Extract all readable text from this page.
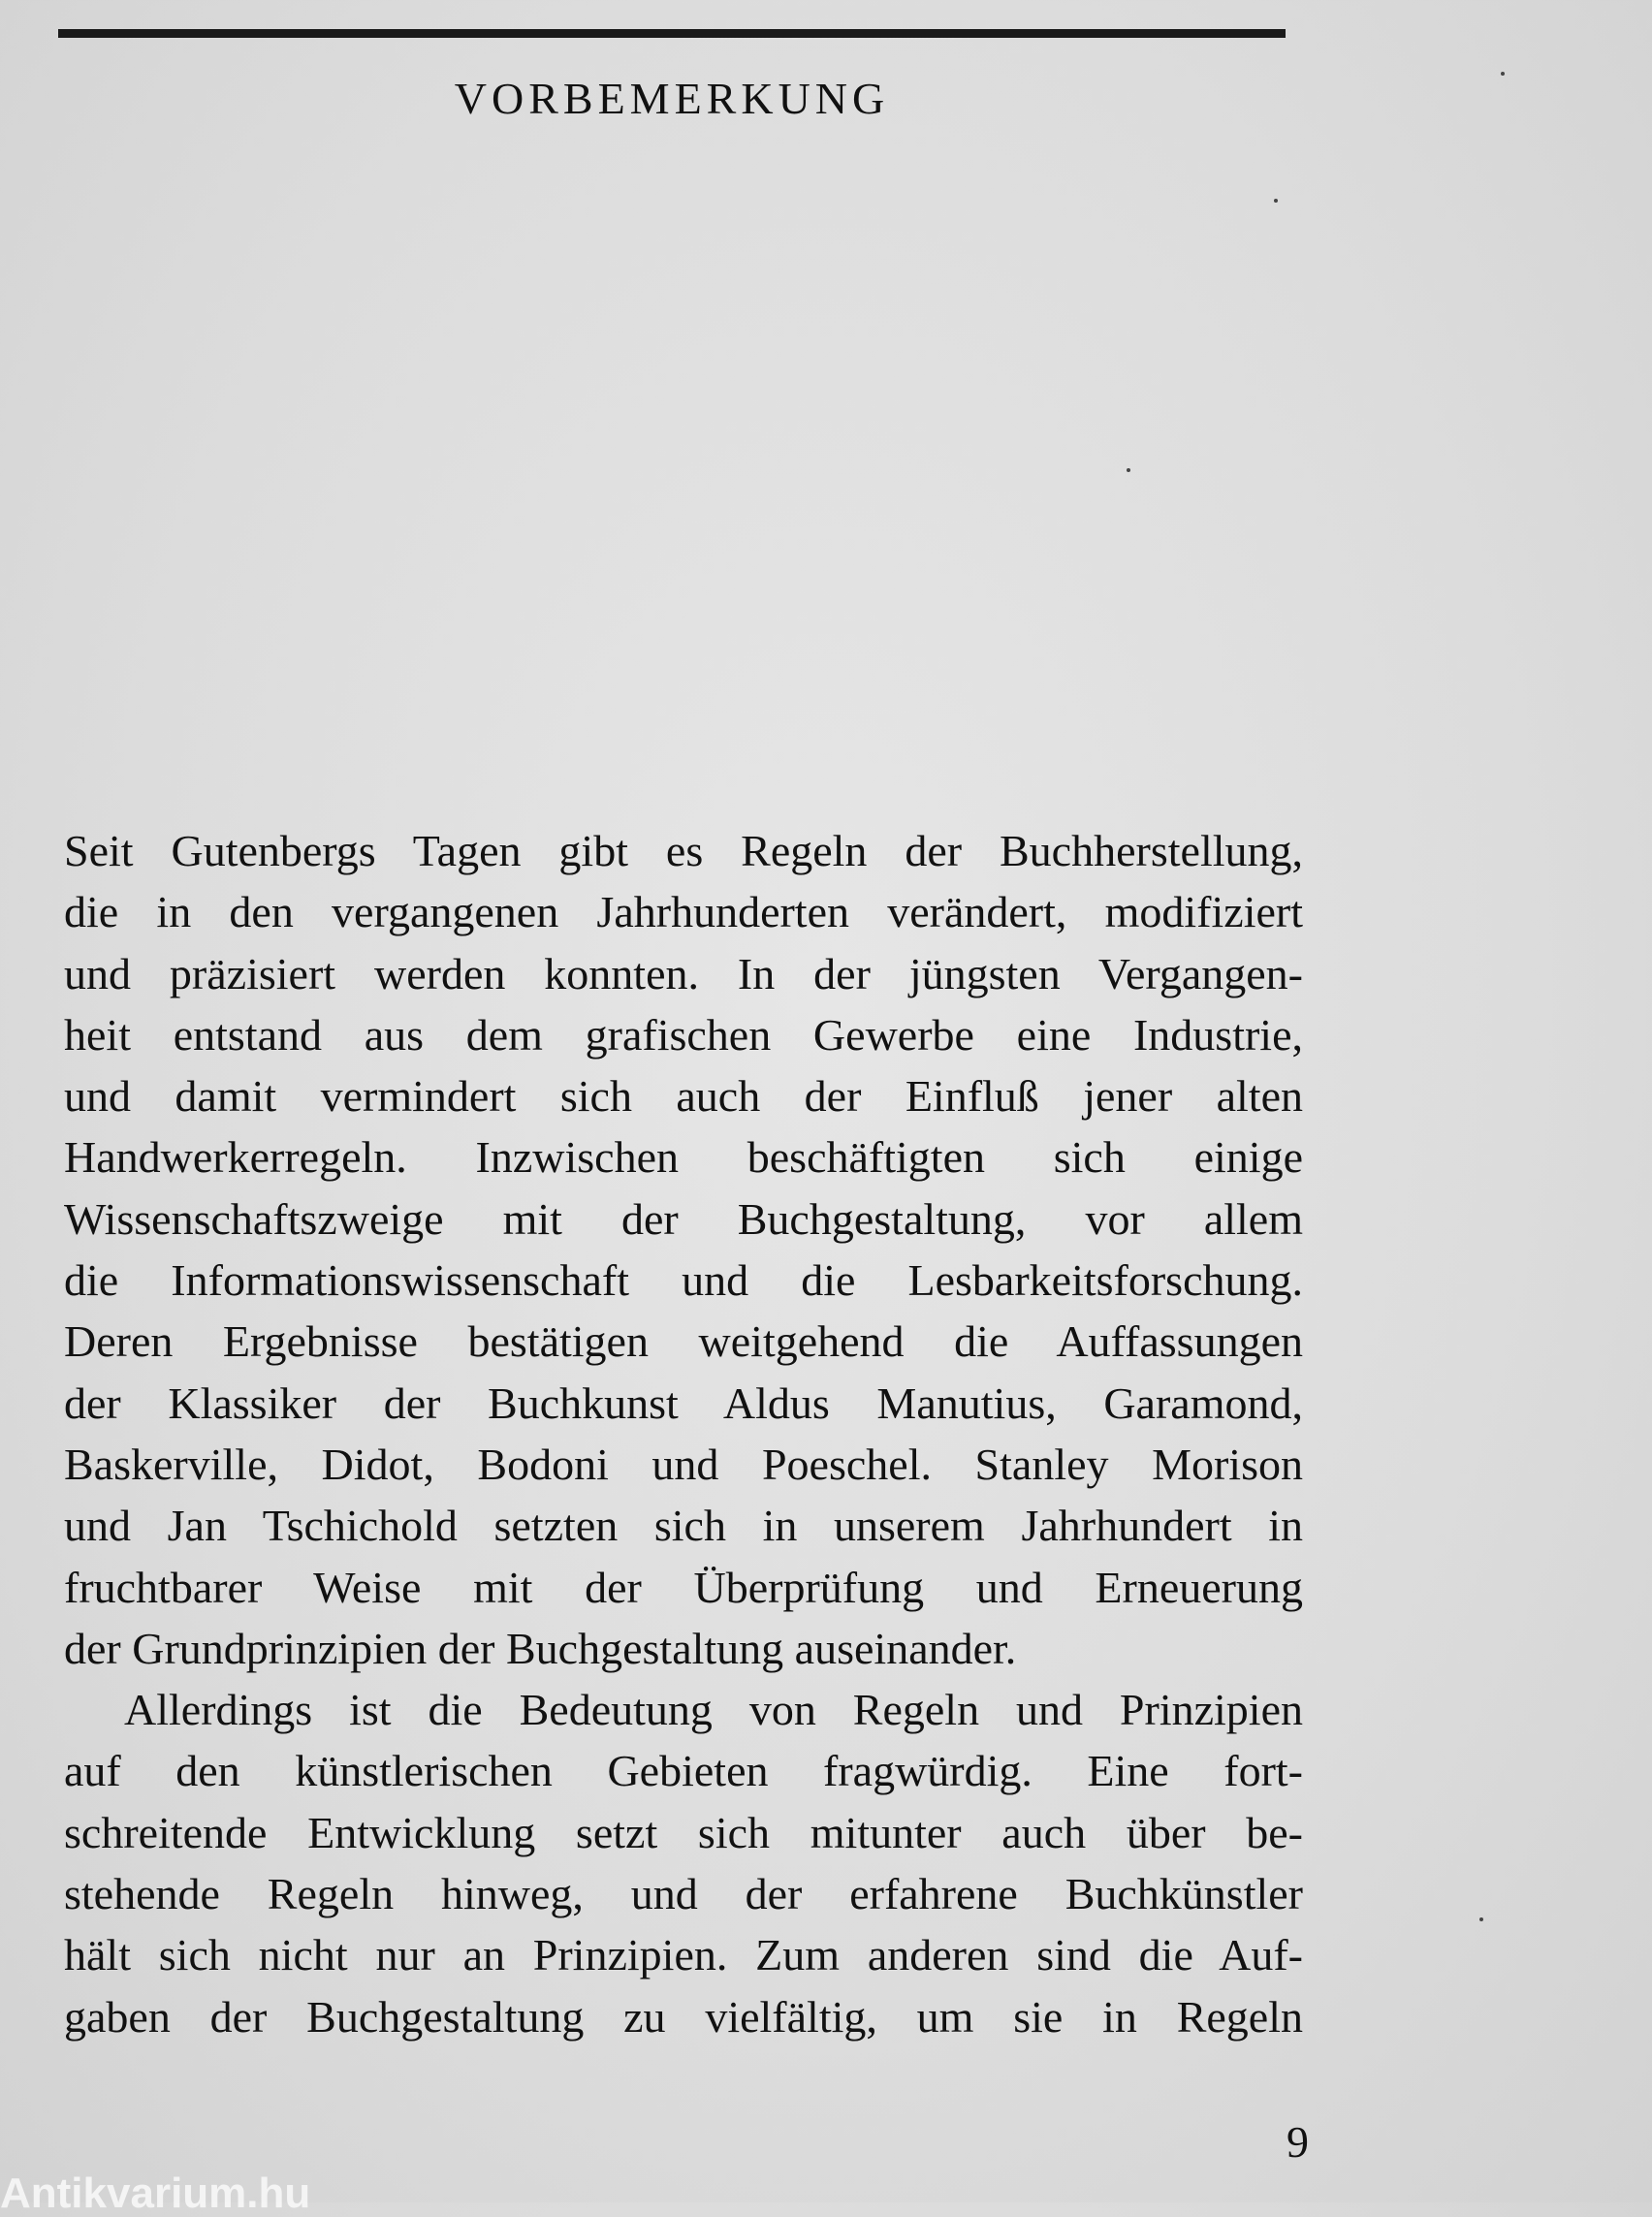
VORBEMERKUNG
Seit Gutenbergs Tagen gibt es Regeln der Buchherstellung,
die in den vergangenen Jahrhunderten verändert, modifiziert
und präzisiert werden konnten. In der jüngsten Vergangen-
heit entstand aus dem grafischen Gewerbe eine Industrie,
und damit vermindert sich auch der Einfluß jener alten
Handwerkerregeln. Inzwischen beschäftigten sich einige
Wissenschaftszweige mit der Buchgestaltung, vor allem
die Informationswissenschaft und die Lesbarkeitsforschung.
Deren Ergebnisse bestätigen weitgehend die Auffassungen
der Klassiker der Buchkunst Aldus Manutius, Garamond,
Baskerville, Didot, Bodoni und Poeschel. Stanley Morison
und Jan Tschichold setzten sich in unserem Jahrhundert in
fruchtbarer Weise mit der Überprüfung und Erneuerung
der Grundprinzipien der Buchgestaltung auseinander.
Allerdings ist die Bedeutung von Regeln und Prinzipien
auf den künstlerischen Gebieten fragwürdig. Eine fort-
schreitende Entwicklung setzt sich mitunter auch über be-
stehende Regeln hinweg, und der erfahrene Buchkünstler
hält sich nicht nur an Prinzipien. Zum anderen sind die Auf-
gaben der Buchgestaltung zu vielfältig, um sie in Regeln
9
Antikvarium.hu
